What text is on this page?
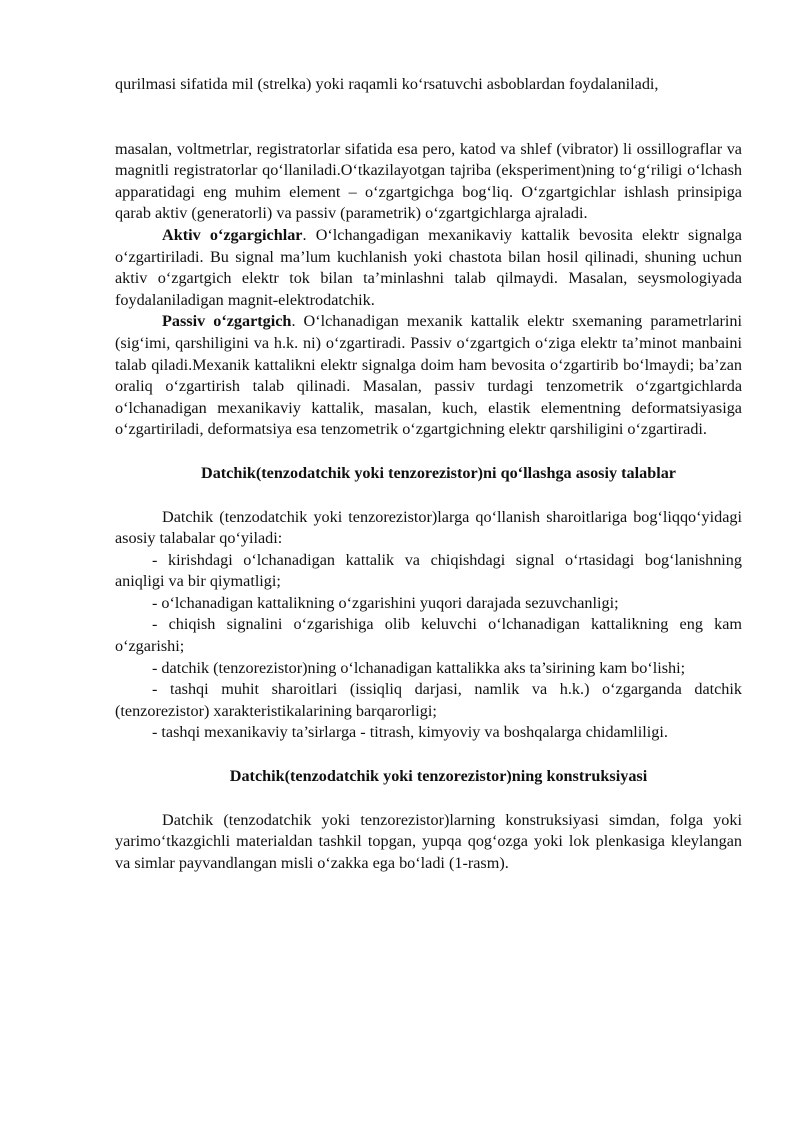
qurilmasi sifatida mil (strelka) yoki raqamli ko‘rsatuvchi asboblardan foydalaniladi,

masalan, voltmetrlar, registratorlar sifatida esa pero, katod va shlef (vibrator) li ossillograflar va magnitli registratorlar qo‘llaniladi.O‘tkazilayotgan tajriba (eksperiment)ning to‘g‘riligi o‘lchash apparatidagi eng muhim element – o‘zgartgichga bog‘liq. O‘zgartgichlar ishlash prinsipiga qarab aktiv (generatorli) va passiv (parametrik) o‘zgartgichlarga ajraladi.

Aktiv o‘zgargichlar. O‘lchangadigan mexanikaviy kattalik bevosita elektr signalga o‘zgartiriladi. Bu signal ma’lum kuchlanish yoki chastota bilan hosil qilinadi, shuning uchun aktiv o‘zgartgich elektr tok bilan ta’minlashni talab qilmaydi. Masalan, seysmologiyada foydalaniladigan magnit-elektrodatchik.

Passiv o‘zgartgich. O‘lchanadigan mexanik kattalik elektr sxemaning parametrlarini (sig‘imi, qarshiligini va h.k. ni) o‘zgartiradi. Passiv o‘zgartgich o‘ziga elektr ta’minot manbaini talab qiladi.Mexanik kattalikni elektr signalga doim ham bevosita o‘zgartirib bo‘lmaydi; ba’zan oraliq o‘zgartirish talab qilinadi. Masalan, passiv turdagi tenzometrik o‘zgartgichlarda o‘lchanadigan mexanikaviy kattalik, masalan, kuch, elastik elementning deformatsiyasiga o‘zgartiriladi, deformatsiya esa tenzometrik o‘zgartgichning elektr qarshiligini o‘zgartiradi.

Datchik(tenzodatchik yoki tenzorezistor)ni qo‘llashga asosiy talablar

Datchik (tenzodatchik yoki tenzorezistor)larga qo‘llanish sharoitlariga bog‘liqqo‘yidagi asosiy talabalar qo‘yiladi:

- kirishdagi o‘lchanadigan kattalik va chiqishdagi signal o‘rtasidagi bog‘lanishning aniqligi va bir qiymatligi;

- o‘lchanadigan kattalikning o‘zgarishini yuqori darajada sezuvchanligi;

- chiqish signalini o‘zgarishiga olib keluvchi o‘lchanadigan kattalikning eng kam o‘zgarishi;

- datchik (tenzorezistor)ning o‘lchanadigan kattalikka aks ta’sirining kam bo‘lishi;

- tashqi muhit sharoitlari (issiqliq darjasi, namlik va h.k.) o‘zgarganda datchik (tenzorezistor) xarakteristikalarining barqarorligi;

- tashqi mexanikaviy ta’sirlarga - titrash, kimyoviy va boshqalarga chidamliligi.

Datchik(tenzodatchik yoki tenzorezistor)ning konstruksiyasi

Datchik (tenzodatchik yoki tenzorezistor)larning konstruksiyasi simdan, folga yoki yarimo‘tkazgichli materialdan tashkil topgan, yupqa qog‘ozga yoki lok plenkasiga kleylangan va simlar payvandlangan misli o‘zakka ega bo‘ladi (1-rasm).
